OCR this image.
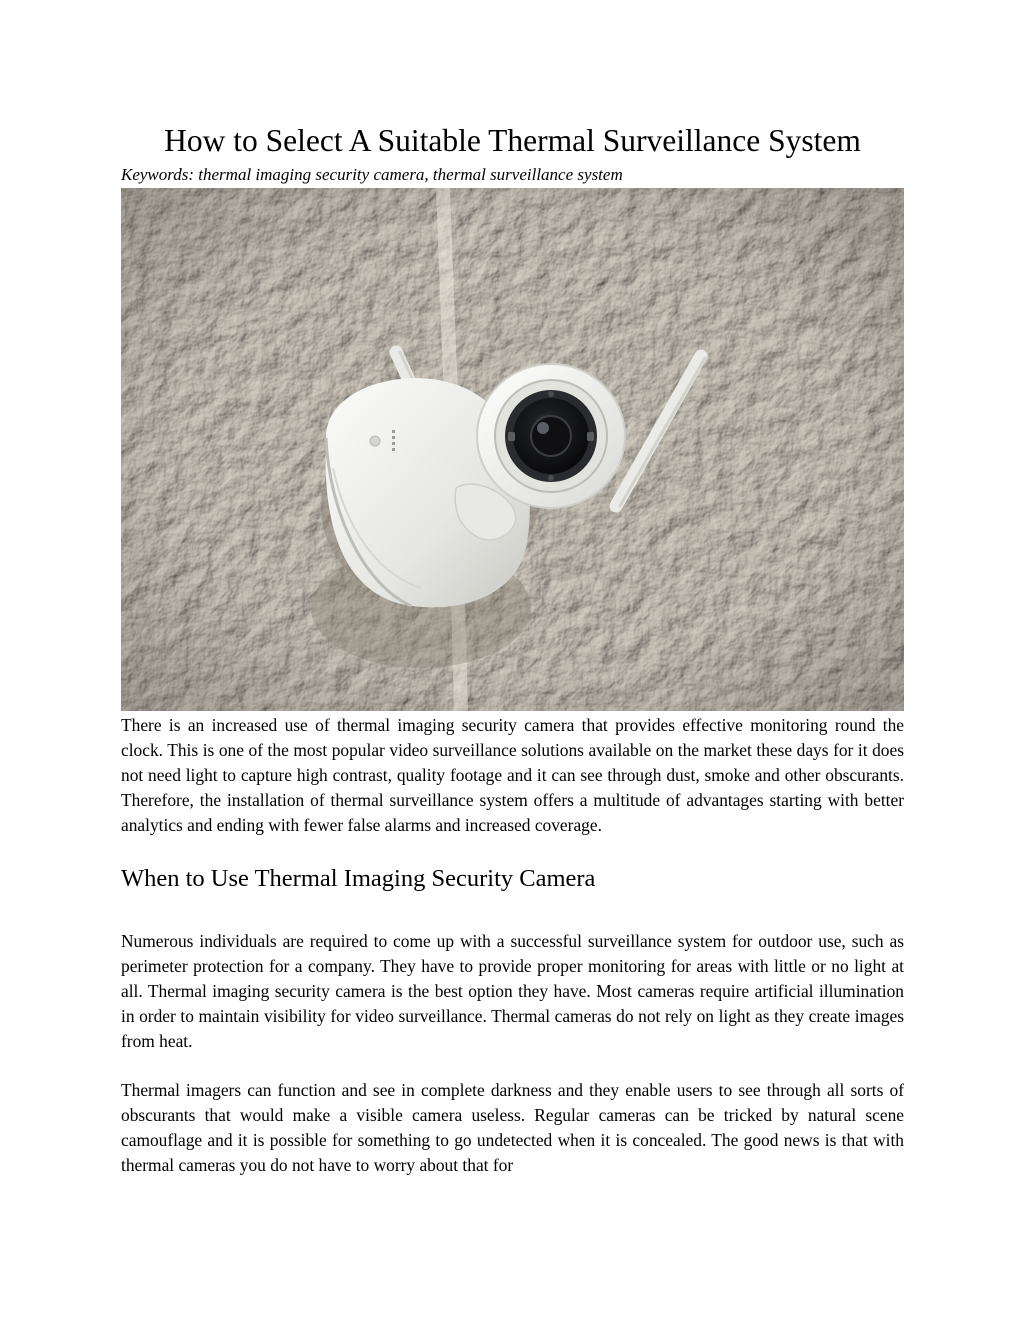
How to Select A Suitable Thermal Surveillance System

Keywords: thermal imaging security camera, thermal surveillance system

There is an increased use of thermal imaging security camera that provides effective monitoring round the clock. This is one of the most popular video surveillance solutions available on the market these days for it does not need light to capture high contrast, quality footage and it can see through dust, smoke and other obscurants. Therefore, the installation of thermal surveillance system offers a multitude of advantages starting with better analytics and ending with fewer false alarms and increased coverage.

When to Use Thermal Imaging Security Camera

Numerous individuals are required to come up with a successful surveillance system for outdoor use, such as perimeter protection for a company. They have to provide proper monitoring for areas with little or no light at all. Thermal imaging security camera is the best option they have. Most cameras require artificial illumination in order to maintain visibility for video surveillance. Thermal cameras do not rely on light as they create images from heat.

Thermal imagers can function and see in complete darkness and they enable users to see through all sorts of obscurants that would make a visible camera useless. Regular cameras can be tricked by natural scene camouflage and it is possible for something to go undetected when it is concealed. The good news is that with thermal cameras you do not have to worry about that for
